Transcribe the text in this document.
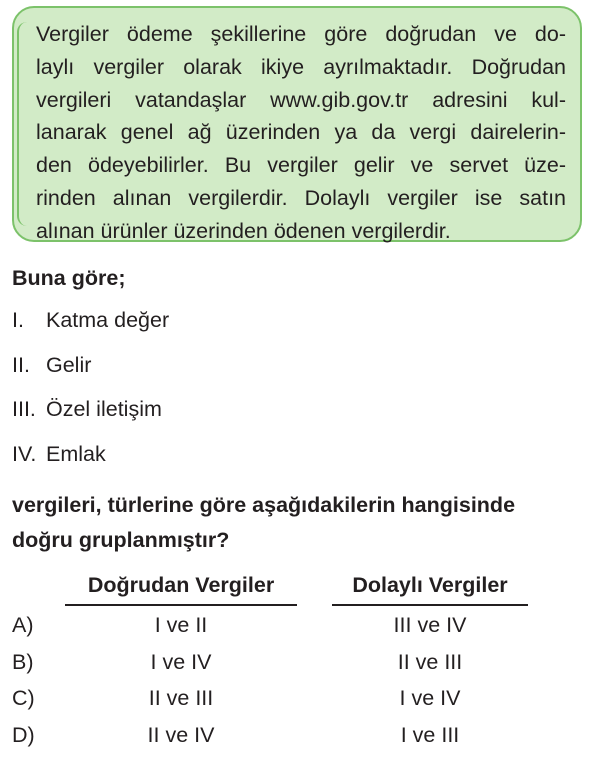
Vergiler ödeme şekillerine göre doğrudan ve do-
laylı vergiler olarak ikiye ayrılmaktadır. Doğrudan
vergileri vatandaşlar www.gib.gov.tr adresini kul-
lanarak genel ağ üzerinden ya da vergi dairelerin-
den ödeyebilirler. Bu vergiler gelir ve servet üze-
rinden alınan vergilerdir. Dolaylı vergiler ise satın
alınan ürünler üzerinden ödenen vergilerdir.

Buna göre;

I.	Katma değer
II. Gelir
III. Özel iletişim
IV. Emlak

vergileri, türlerine göre aşağıdakilerin hangisinde
doğru gruplanmıştır?

Doğrudan Vergiler	Dolaylı Vergiler
A)	I ve II	III ve IV
B)	I ve IV	II ve III
C)	II ve III	I ve IV
D)	II ve IV	I ve III
